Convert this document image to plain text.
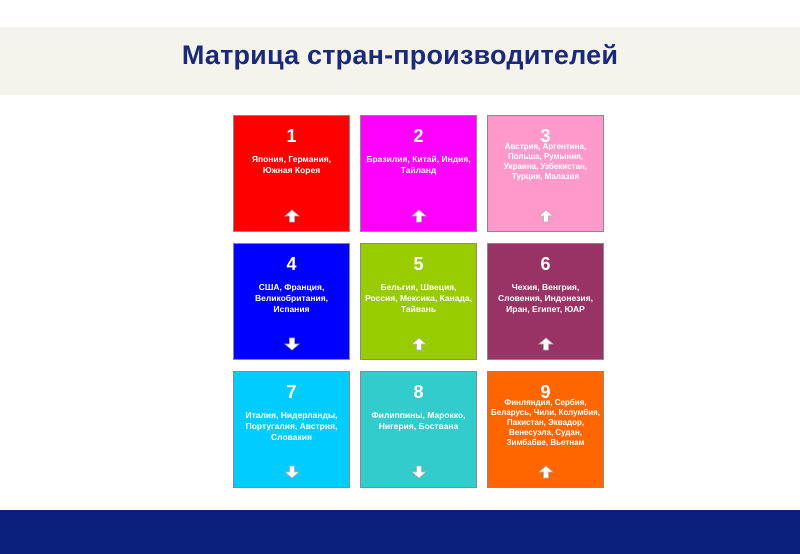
Матрица стран-производителей
1
Япония, Германия, Южная Корея
2
Бразилия, Китай, Индия, Тайланд
3
Австрия, Аргентина, Польша, Румыния, Украина, Узбекистан, Турция, Малазия
4
США, Франция, Великобритания, Испания
5
Бельгия, Швеция, Россия, Мексика, Канада, Тайвань
6
Чехия, Венгрия, Словения, Индонезия, Иран, Египет, ЮАР
7
Италия, Нидерланды, Португалия, Австрия, Словакия
8
Филиппины, Марокко, Нигерия, Боствана
9
Финляндия, Сербия, Беларусь, Чили, Колумбия, Пакистан, Эквадор, Венесуэла, Судан, Зимбабве, Вьетнам
